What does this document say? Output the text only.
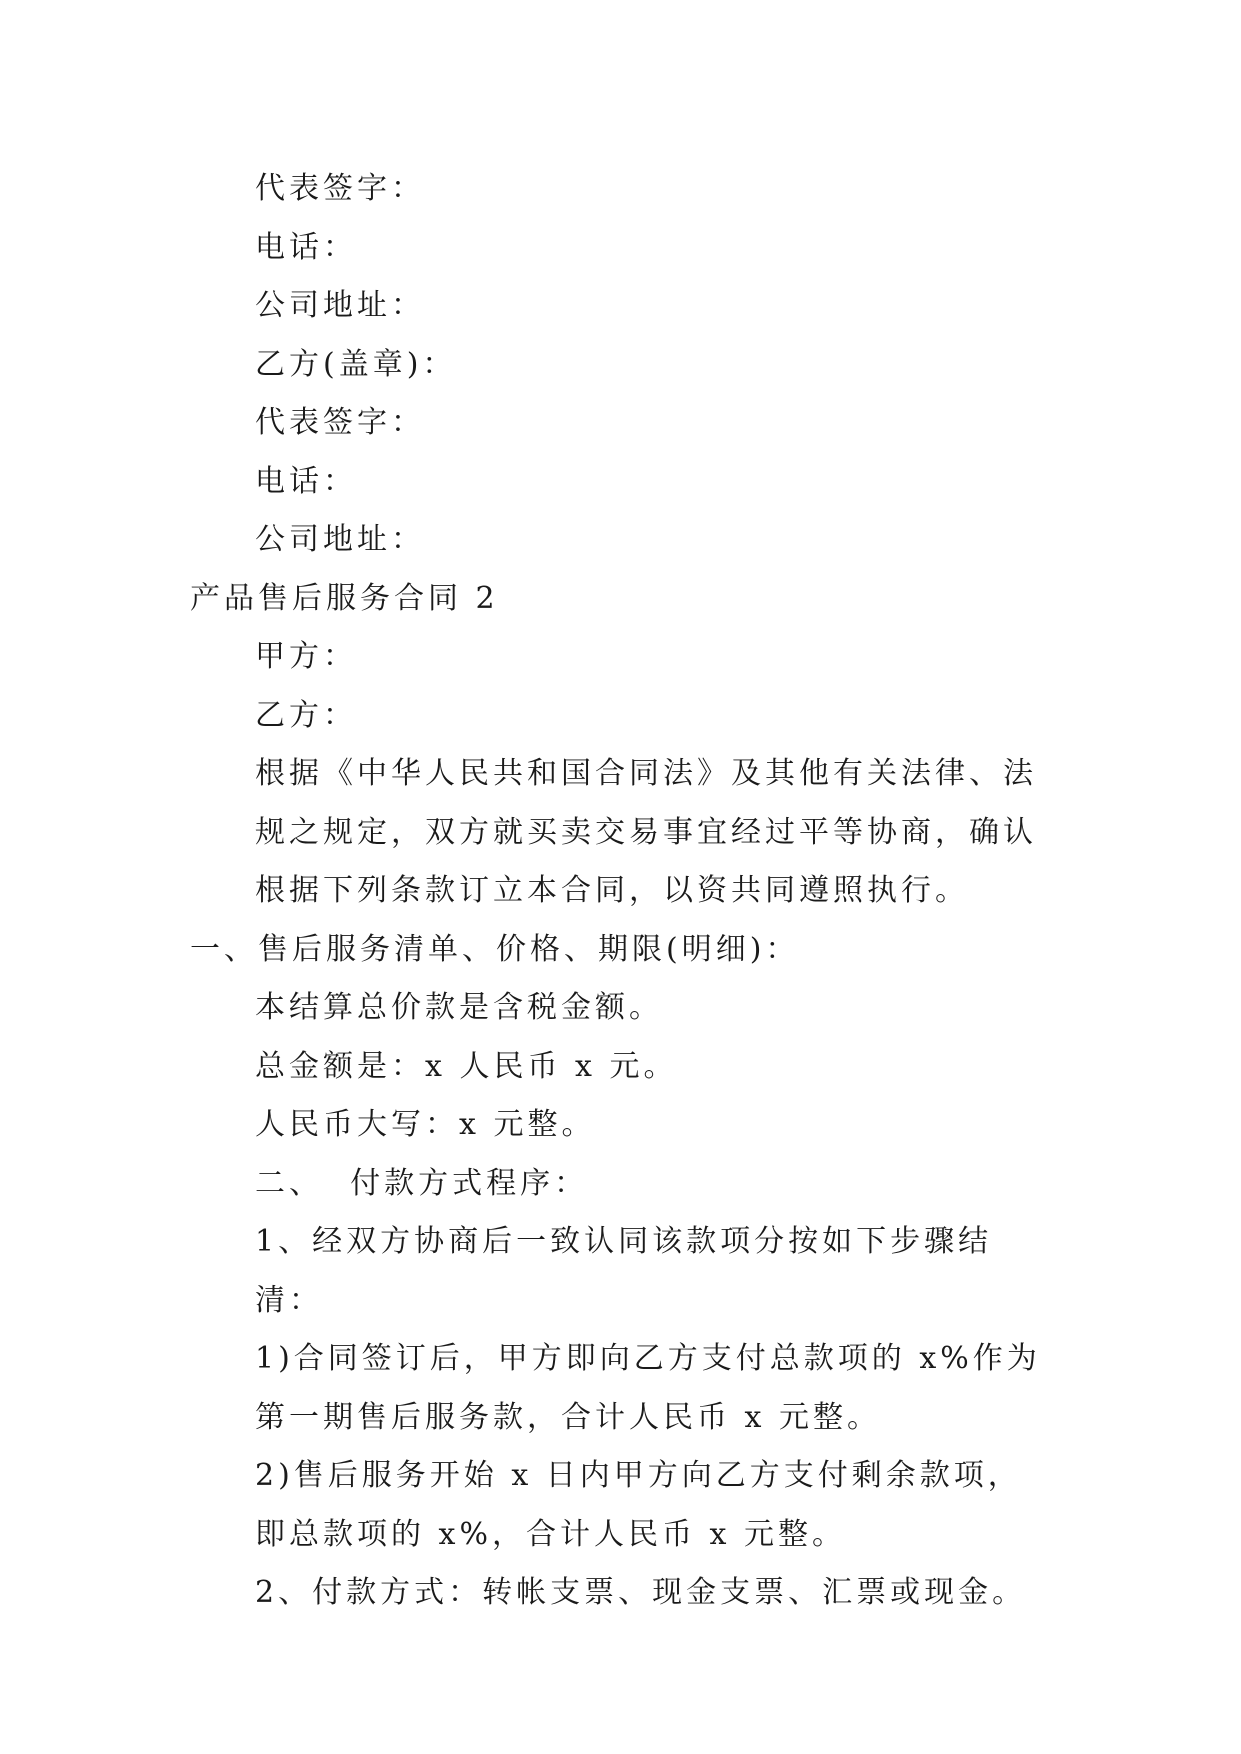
代表签字：

电话：

公司地址：

乙方(盖章)：

代表签字：

电话：

公司地址：

产品售后服务合同 2

甲方：

乙方：

根据《中华人民共和国合同法》及其他有关法律、法规之规定，双方就买卖交易事宜经过平等协商，确认根据下列条款订立本合同，以资共同遵照执行。

一、售后服务清单、价格、期限(明细)：

本结算总价款是含税金额。

总金额是：x 人民币 x 元。

人民币大写：x 元整。

二、  付款方式程序：

1、经双方协商后一致认同该款项分按如下步骤结清：

1)合同签订后，甲方即向乙方支付总款项的 x%作为第一期售后服务款，合计人民币 x 元整。

2)售后服务开始 x 日内甲方向乙方支付剩余款项，即总款项的 x%，合计人民币 x 元整。

2、付款方式：转帐支票、现金支票、汇票或现金。
